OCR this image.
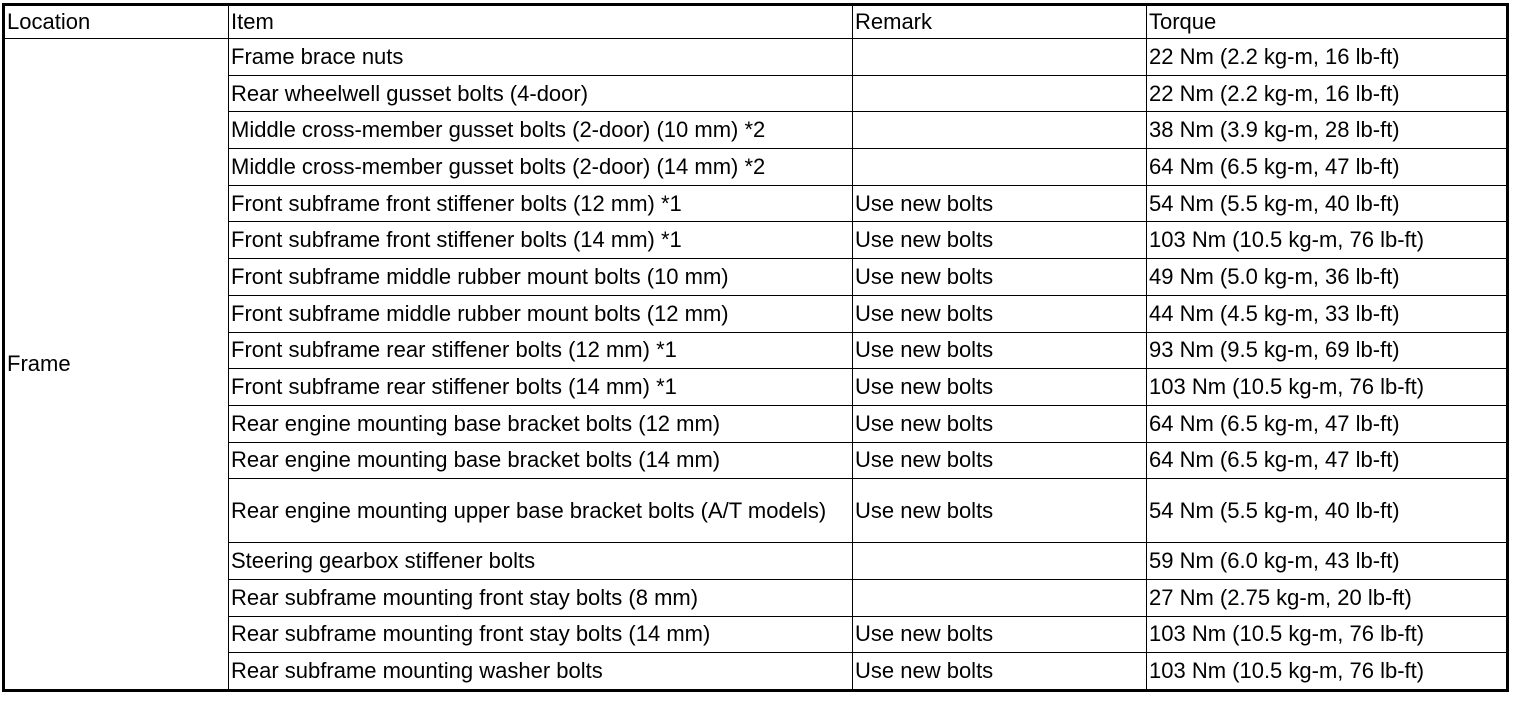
Location	Item	Remark	Torque
Frame	Frame brace nuts		22 Nm (2.2 kg-m, 16 lb-ft)
	Rear wheelwell gusset bolts (4-door)		22 Nm (2.2 kg-m, 16 lb-ft)
	Middle cross-member gusset bolts (2-door) (10 mm) *2		38 Nm (3.9 kg-m, 28 lb-ft)
	Middle cross-member gusset bolts (2-door) (14 mm) *2		64 Nm (6.5 kg-m, 47 lb-ft)
	Front subframe front stiffener bolts (12 mm) *1	Use new bolts	54 Nm (5.5 kg-m, 40 lb-ft)
	Front subframe front stiffener bolts (14 mm) *1	Use new bolts	103 Nm (10.5 kg-m, 76 lb-ft)
	Front subframe middle rubber mount bolts (10 mm)	Use new bolts	49 Nm (5.0 kg-m, 36 lb-ft)
	Front subframe middle rubber mount bolts (12 mm)	Use new bolts	44 Nm (4.5 kg-m, 33 lb-ft)
	Front subframe rear stiffener bolts (12 mm) *1	Use new bolts	93 Nm (9.5 kg-m, 69 lb-ft)
	Front subframe rear stiffener bolts (14 mm) *1	Use new bolts	103 Nm (10.5 kg-m, 76 lb-ft)
	Rear engine mounting base bracket bolts (12 mm)	Use new bolts	64 Nm (6.5 kg-m, 47 lb-ft)
	Rear engine mounting base bracket bolts (14 mm)	Use new bolts	64 Nm (6.5 kg-m, 47 lb-ft)
	Rear engine mounting upper base bracket bolts (A/T models)	Use new bolts	54 Nm (5.5 kg-m, 40 lb-ft)
	Steering gearbox stiffener bolts		59 Nm (6.0 kg-m, 43 lb-ft)
	Rear subframe mounting front stay bolts (8 mm)		27 Nm (2.75 kg-m, 20 lb-ft)
	Rear subframe mounting front stay bolts (14 mm)	Use new bolts	103 Nm (10.5 kg-m, 76 lb-ft)
	Rear subframe mounting washer bolts	Use new bolts	103 Nm (10.5 kg-m, 76 lb-ft)
